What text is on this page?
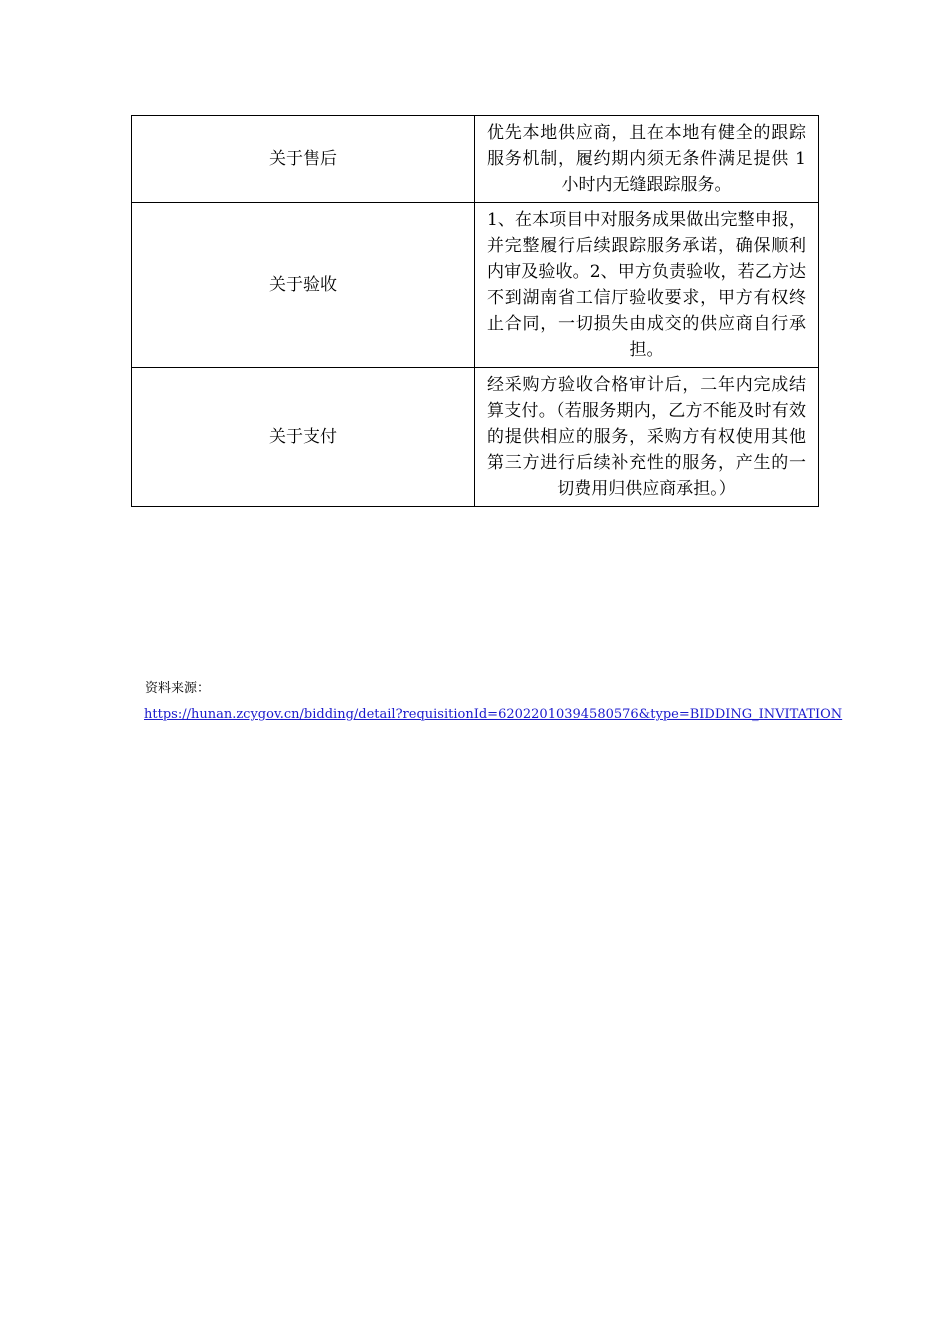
关于售后	优先本地供应商，且在本地有健全的跟踪服务机制，履约期内须无条件满足提供 1 小时内无缝跟踪服务。
关于验收	1、在本项目中对服务成果做出完整申报，并完整履行后续跟踪服务承诺，确保顺利内审及验收。2、甲方负责验收，若乙方达不到湖南省工信厅验收要求，甲方有权终止合同，一切损失由成交的供应商自行承担。
关于支付	经采购方验收合格审计后，二年内完成结算支付。（若服务期内，乙方不能及时有效的提供相应的服务，采购方有权使用其他第三方进行后续补充性的服务，产生的一切费用归供应商承担。）
资料来源：
https://hunan.zcygov.cn/bidding/detail?requisitionId=62022010394580576&type=BIDDING_INVITATION
